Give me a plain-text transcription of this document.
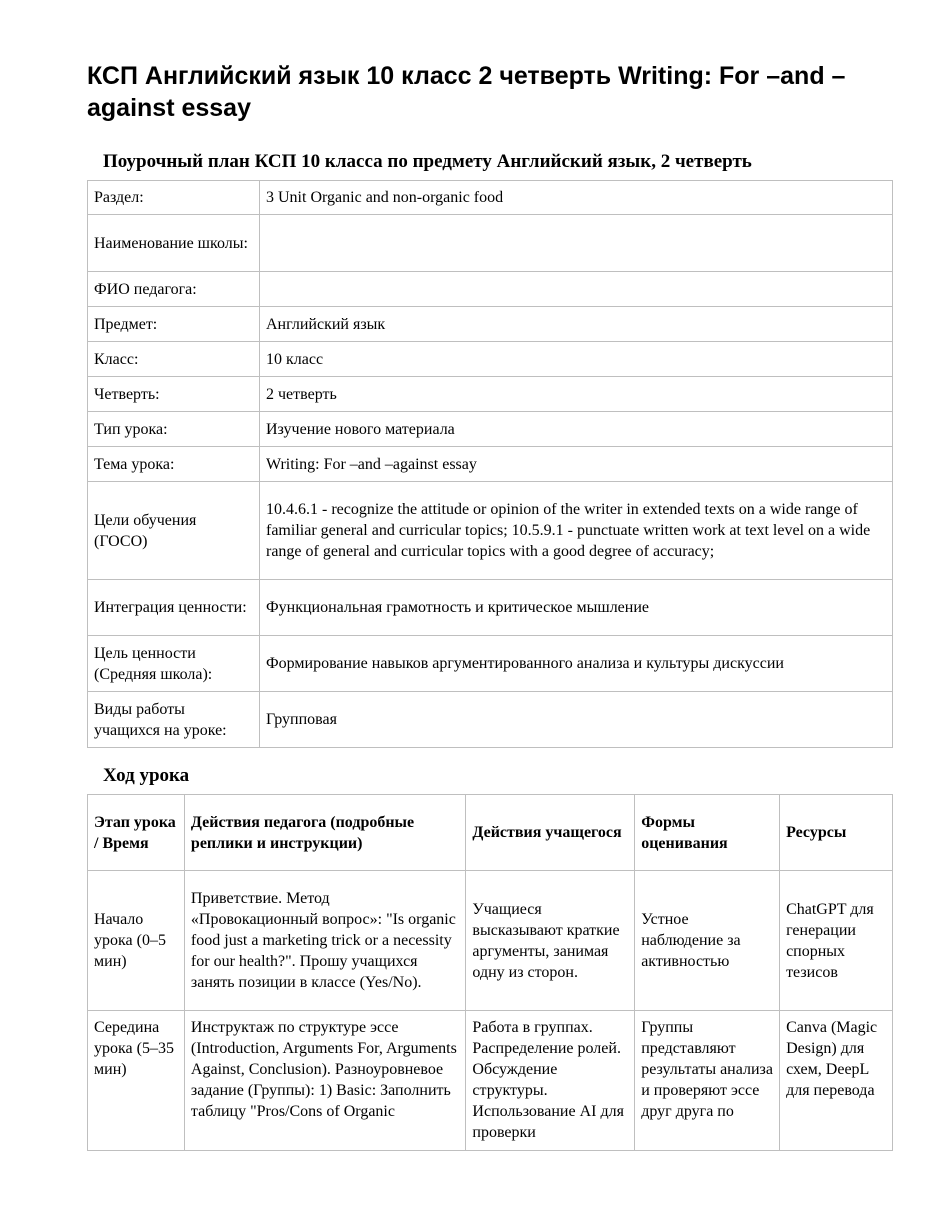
КСП Английский язык 10 класс 2 четверть Writing: For –and –against essay

Поурочный план КСП 10 класса по предмету Английский язык, 2 четверть

Раздел:	3 Unit Organic and non-organic food
Наименование школы:	
ФИО педагога:	
Предмет:	Английский язык
Класс:	10 класс
Четверть:	2 четверть
Тип урока:	Изучение нового материала
Тема урока:	Writing: For –and –against essay
Цели обучения (ГОСО)	10.4.6.1 - recognize the attitude or opinion of the writer in extended texts on a wide range of familiar general and curricular topics; 10.5.9.1 - punctuate written work at text level on a wide range of general and curricular topics with a good degree of accuracy;
Интеграция ценности:	Функциональная грамотность и критическое мышление
Цель ценности (Средняя школа):	Формирование навыков аргументированного анализа и культуры дискуссии
Виды работы учащихся на уроке:	Групповая

Ход урока

Этап урока / Время	Действия педагога (подробные реплики и инструкции)	Действия учащегося	Формы оценивания	Ресурсы
Начало урока (0–5 мин)	Приветствие. Метод «Провокационный вопрос»: "Is organic food just a marketing trick or a necessity for our health?". Прошу учащихся занять позиции в классе (Yes/No).	Учащиеся высказывают краткие аргументы, занимая одну из сторон.	Устное наблюдение за активностью	ChatGPT для генерации спорных тезисов
Середина урока (5–35 мин)	Инструктаж по структуре эссе (Introduction, Arguments For, Arguments Against, Conclusion). Разноуровневое задание (Группы): 1) Basic: Заполнить таблицу "Pros/Cons of Organic	Работа в группах. Распределение ролей. Обсуждение структуры. Использование AI для проверки	Группы представляют результаты анализа и проверяют эссе друг друга по	Canva (Magic Design) для схем, DeepL для перевода
